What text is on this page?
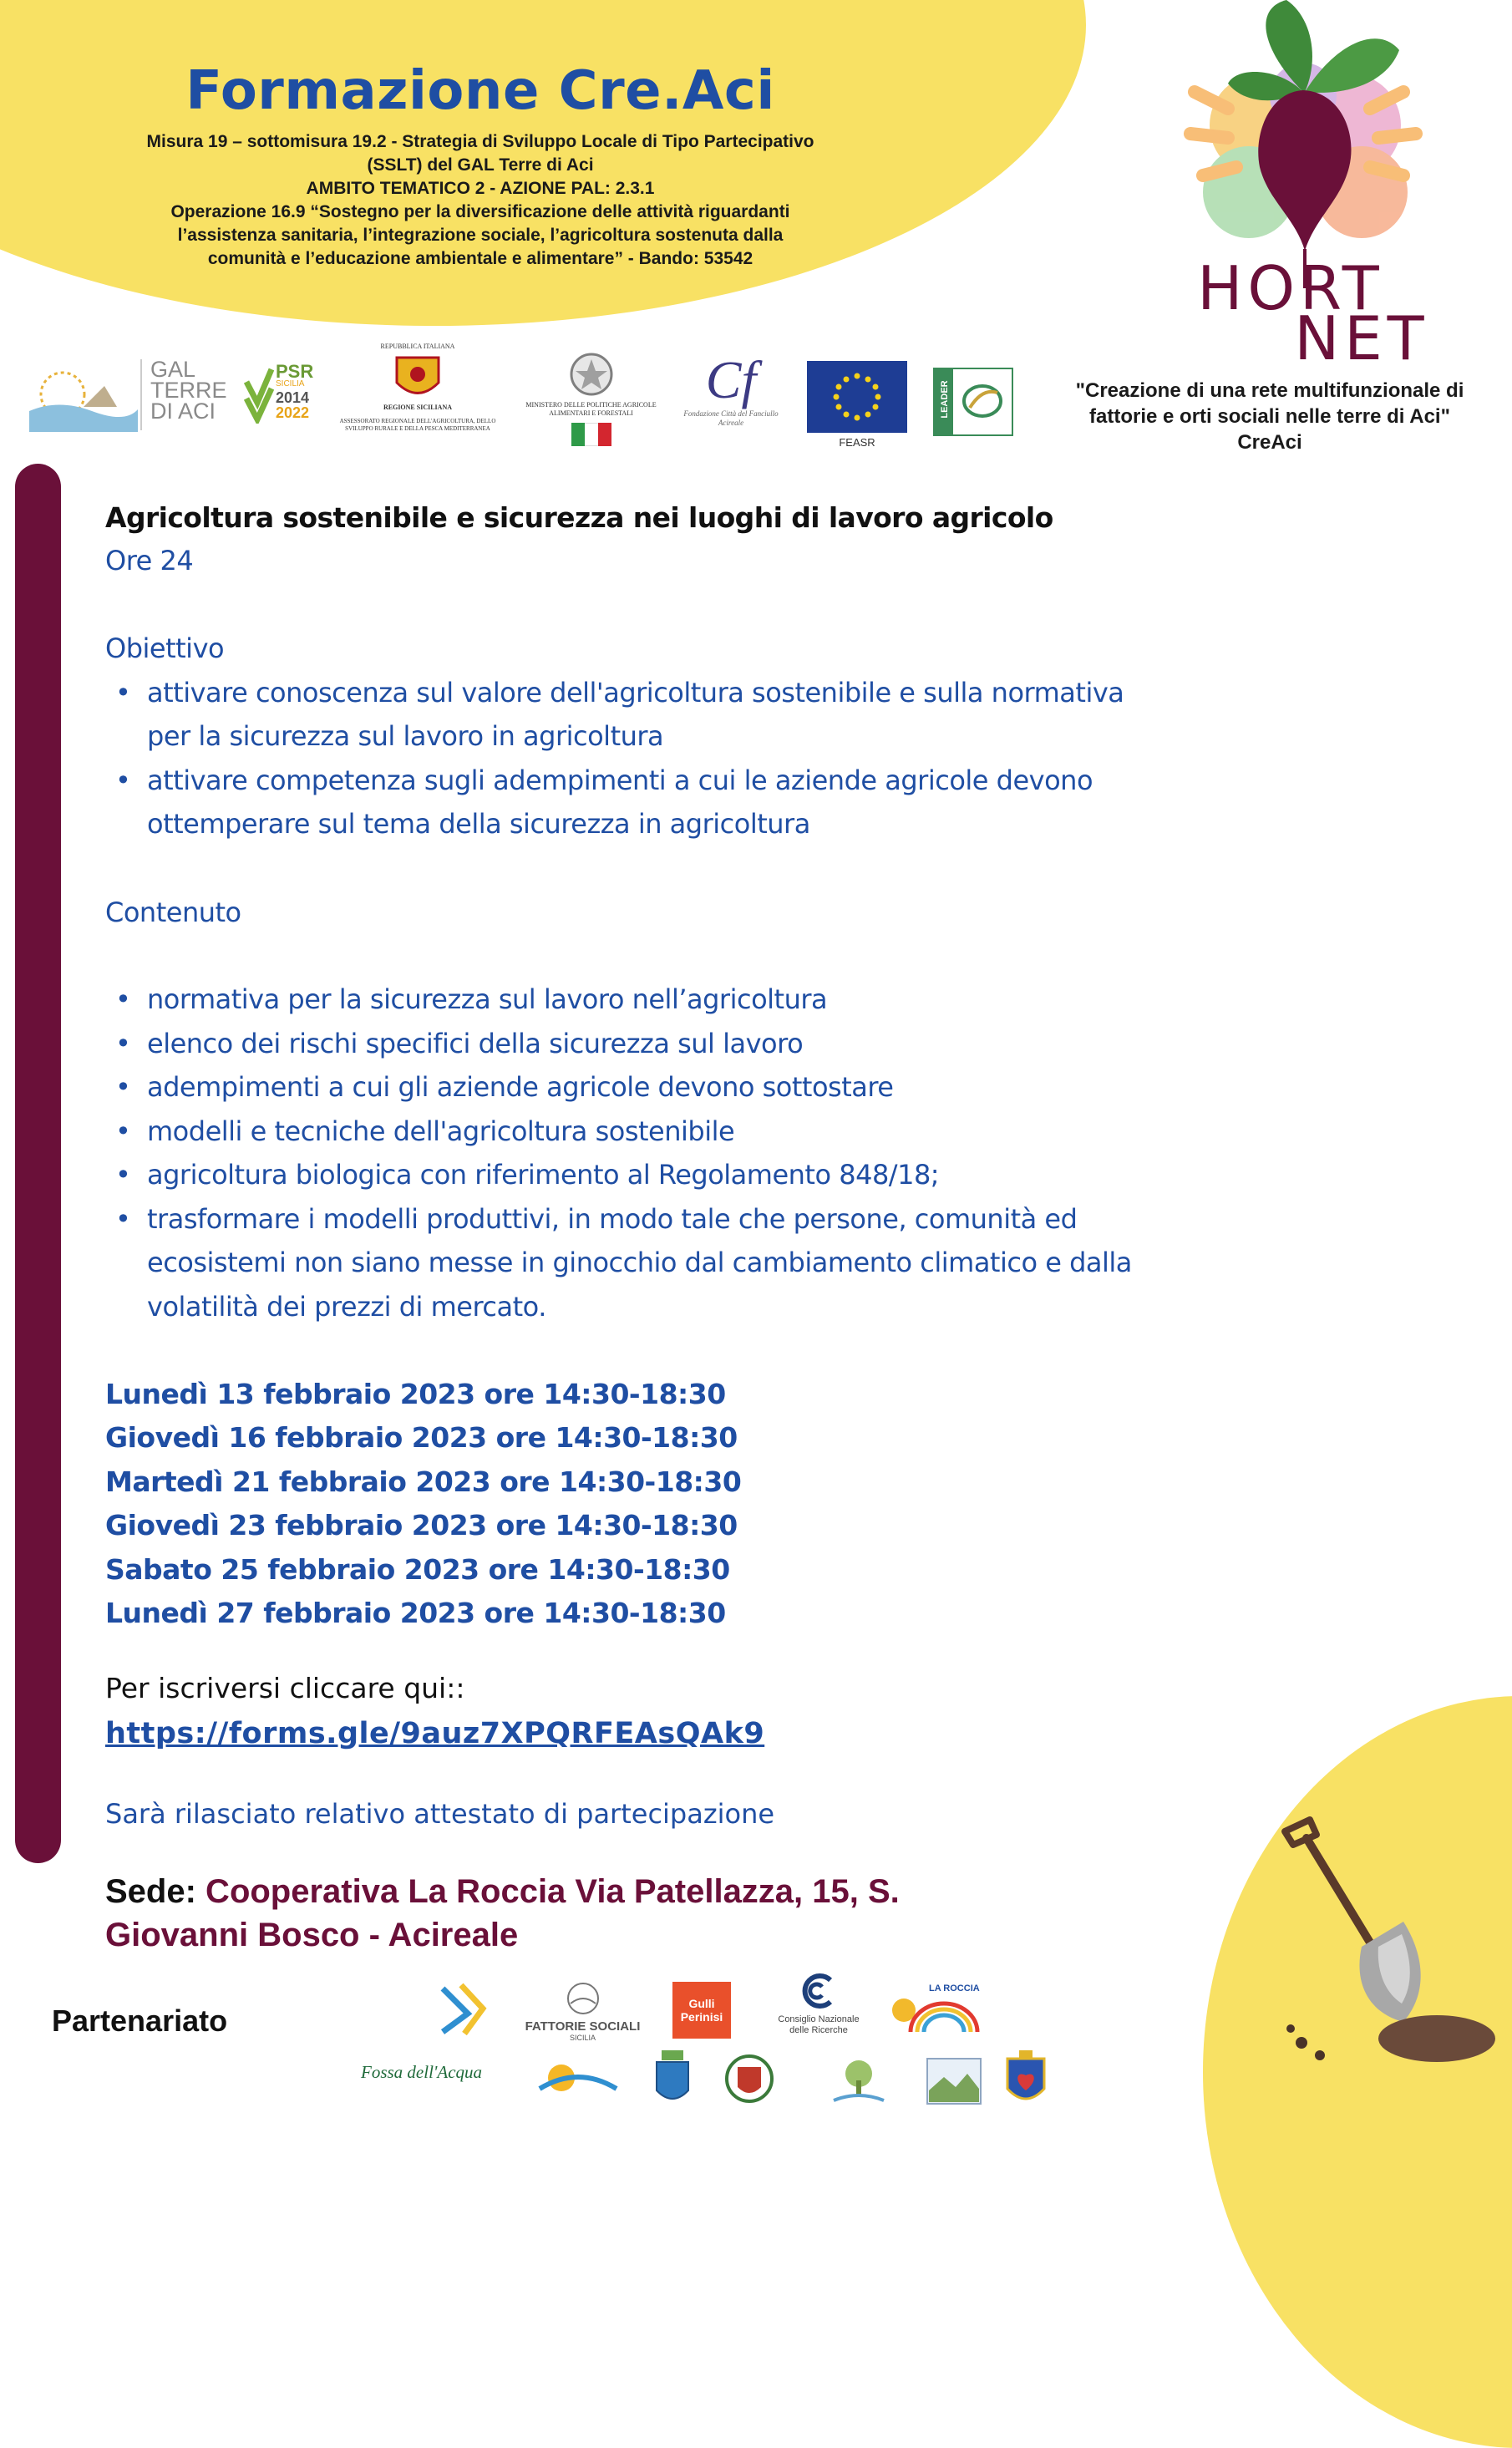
Formazione Cre.Aci
Misura 19 – sottomisura 19.2 - Strategia di Sviluppo Locale di Tipo Partecipativo
(SSLT) del GAL Terre di Aci
AMBITO TEMATICO 2 - AZIONE PAL: 2.3.1
Operazione 16.9 “Sostegno per la diversificazione delle attività riguardanti
l’assistenza sanitaria, l’integrazione sociale, l’agricoltura sostenuta dalla
comunità e l’educazione ambientale e alimentare” - Bando: 53542	HORT
NET
"Creazione di una rete multifunzionale di
fattorie e orti sociali nelle terre di Aci"
CreAci
GAL
TERRE
DI ACI
PSR
SICILIA
2014
2022
REPUBBLICA ITALIANA
REGIONE SICILIANA
ASSESSORATO REGIONALE DELL'AGRICOLTURA, DELLO SVILUPPO RURALE E DELLA PESCA MEDITERRANEA
MINISTERO DELLE POLITICHE AGRICOLE ALIMENTARI E FORESTALI
Cf
Fondazione Città del Fanciullo Acireale
FEASR
LEADER
Agricoltura sostenibile e sicurezza nei luoghi di lavoro agricolo
Ore 24
Obiettivo
• attivare conoscenza sul valore dell'agricoltura sostenibile e sulla normativa
per la sicurezza sul lavoro in agricoltura
• attivare competenza sugli adempimenti a cui le aziende agricole devono
ottemperare sul tema della sicurezza in agricoltura
Contenuto
• normativa per la sicurezza sul lavoro nell’agricoltura
• elenco dei rischi specifici della sicurezza sul lavoro
• adempimenti a cui gli aziende agricole devono sottostare
• modelli e tecniche dell'agricoltura sostenibile
• agricoltura biologica con riferimento al Regolamento 848/18;
• trasformare i modelli produttivi, in modo tale che persone, comunità ed
ecosistemi non siano messe in ginocchio dal cambiamento climatico e dalla
volatilità dei prezzi di mercato.
Lunedì 13 febbraio 2023 ore 14:30-18:30
Giovedì 16 febbraio 2023 ore 14:30-18:30
Martedì 21 febbraio 2023 ore 14:30-18:30
Giovedì 23 febbraio 2023 ore 14:30-18:30
Sabato 25 febbraio 2023 ore 14:30-18:30
Lunedì 27 febbraio 2023 ore 14:30-18:30
Per iscriversi cliccare qui::
https://forms.gle/9auz7XPQRFEAsQAk9
Sarà rilasciato relativo attestato di partecipazione
Sede: Cooperativa La Roccia Via Patellazza, 15, S.
Giovanni Bosco - Acireale
Partenariato	FATTORIE SOCIALI
SICILIA
Gulli Perinisi	Consiglio Nazionale delle Ricerche
LA ROCCIA
Fossa dell'Acqua
